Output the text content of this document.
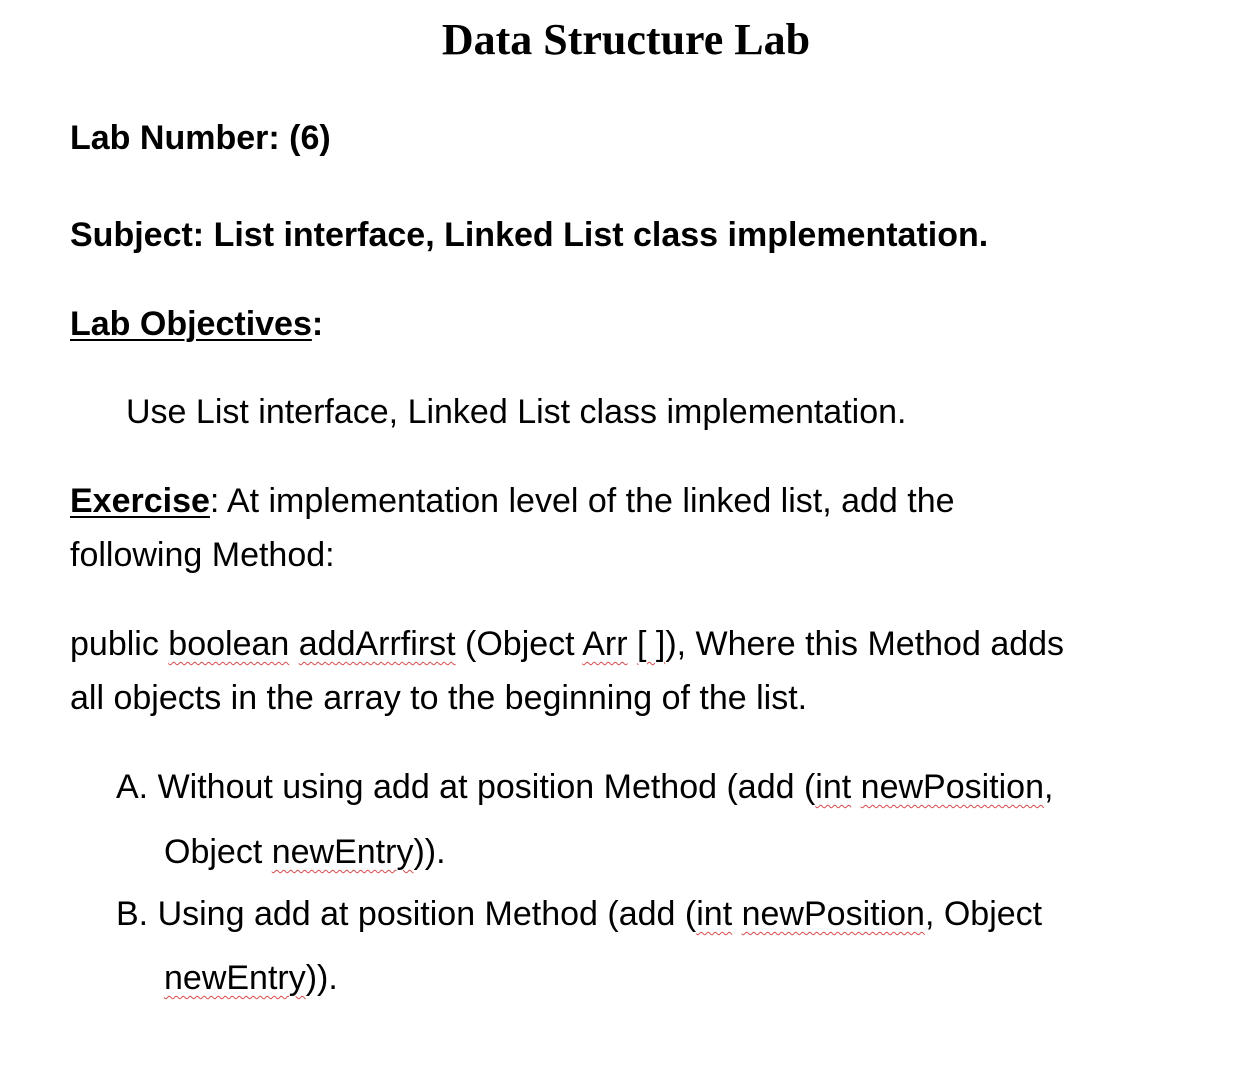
Data Structure Lab
Lab Number: (6)
Subject: List interface, Linked List class implementation.
Lab Objectives:
Use List interface, Linked List class implementation.
Exercise: At implementation level of the linked list, add the
following Method:
public boolean addArrfirst (Object Arr [ ]), Where this Method adds
all objects in the array to the beginning of the list.
A. Without using add at position Method (add (int newPosition,
Object newEntry)).
B. Using add at position Method (add (int newPosition, Object
newEntry)).
